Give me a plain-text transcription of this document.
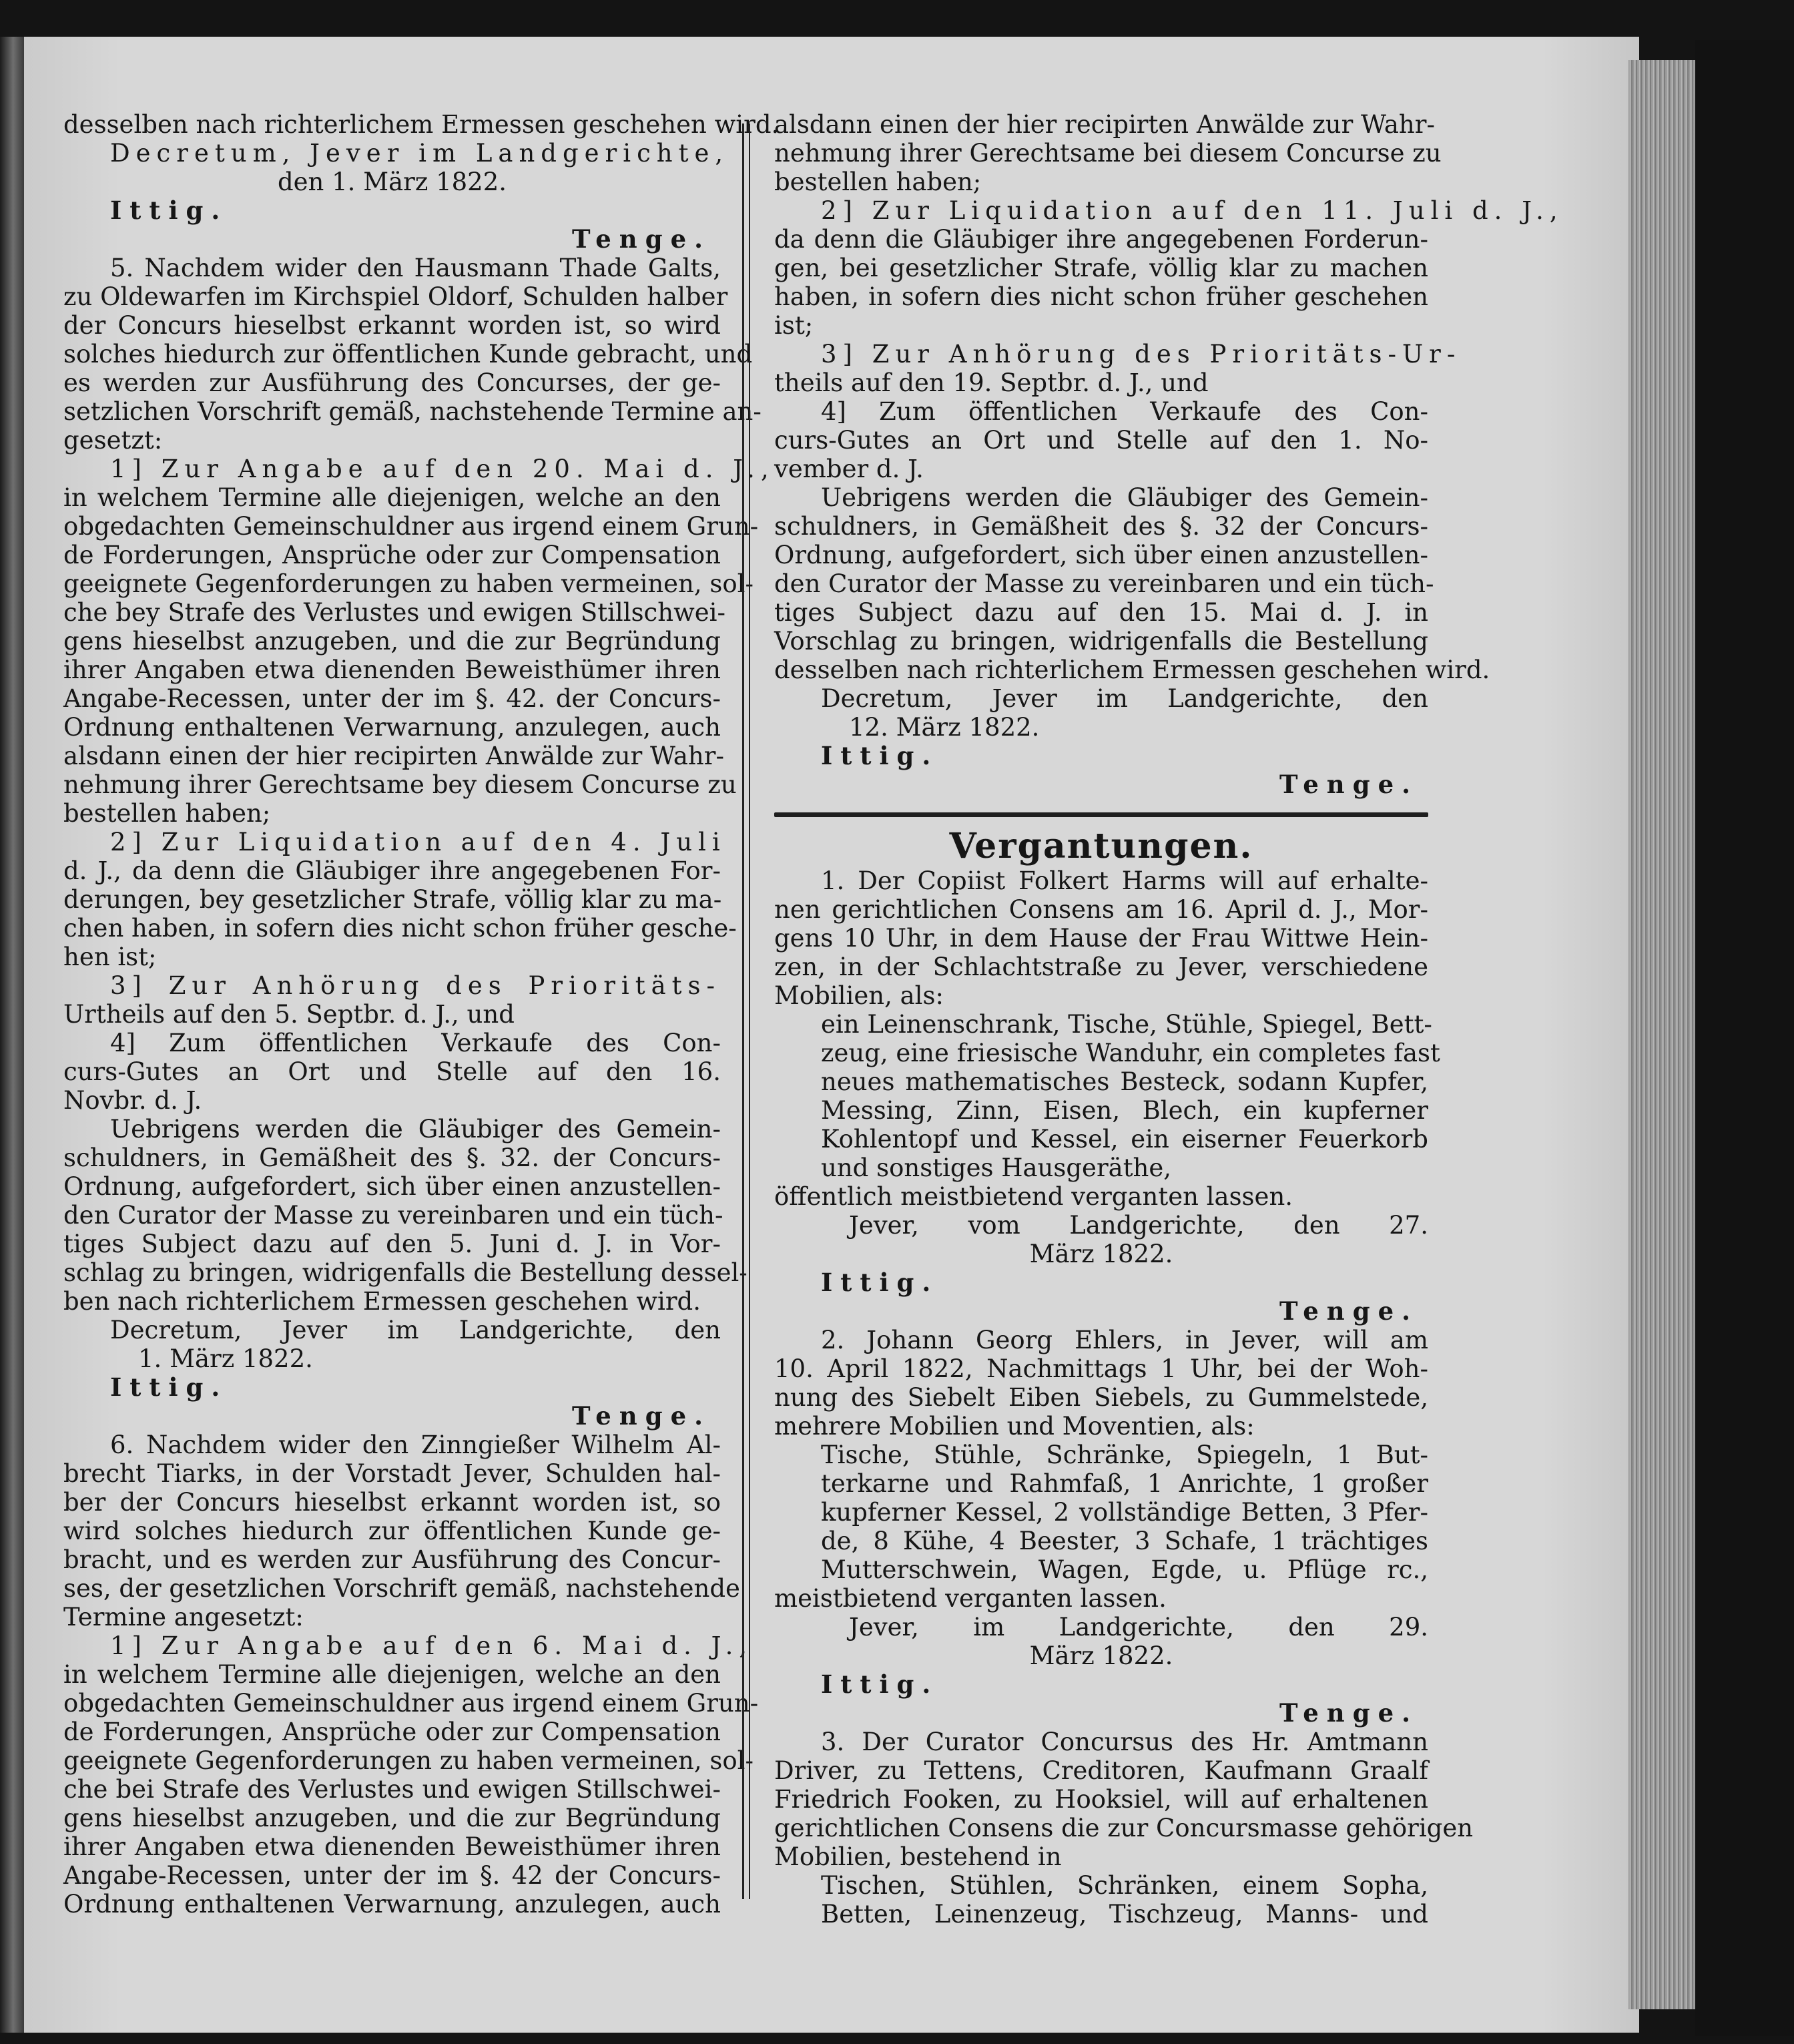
desselben nach richterlichem Ermessen geschehen wird.

Decretum, Jever im Landgerichte,

den 1. März 1822.

Ittig.

Tenge.

5. Nachdem wider den Hausmann Thade Galts,

zu Oldewarfen im Kirchspiel Oldorf, Schulden halber

der Concurs hieselbst erkannt worden ist, so wird

solches hiedurch zur öffentlichen Kunde gebracht, und

es werden zur Ausführung des Concurses, der ge-

setzlichen Vorschrift gemäß, nachstehende Termine an-

gesetzt:

1] Zur Angabe auf den 20. Mai d. J.,

in welchem Termine alle diejenigen, welche an den

obgedachten Gemeinschuldner aus irgend einem Grun-

de Forderungen, Ansprüche oder zur Compensation

geeignete Gegenforderungen zu haben vermeinen, sol-

che bey Strafe des Verlustes und ewigen Stillschwei-

gens hieselbst anzugeben, und die zur Begründung

ihrer Angaben etwa dienenden Beweisthümer ihren

Angabe-Recessen, unter der im §. 42. der Concurs-

Ordnung enthaltenen Verwarnung, anzulegen, auch

alsdann einen der hier recipirten Anwälde zur Wahr-

nehmung ihrer Gerechtsame bey diesem Concurse zu

bestellen haben;

2] Zur Liquidation auf den 4. Juli

d. J., da denn die Gläubiger ihre angegebenen For-

derungen, bey gesetzlicher Strafe, völlig klar zu ma-

chen haben, in sofern dies nicht schon früher gesche-

hen ist;

3] Zur Anhörung des Prioritäts-

Urtheils auf den 5. Septbr. d. J., und

4] Zum öffentlichen Verkaufe des Con-

curs-Gutes an Ort und Stelle auf den 16.

Novbr. d. J.

Uebrigens werden die Gläubiger des Gemein-

schuldners, in Gemäßheit des §. 32. der Concurs-

Ordnung, aufgefordert, sich über einen anzustellen-

den Curator der Masse zu vereinbaren und ein tüch-

tiges Subject dazu auf den 5. Juni d. J. in Vor-

schlag zu bringen, widrigenfalls die Bestellung dessel-

ben nach richterlichem Ermessen geschehen wird.

Decretum, Jever im Landgerichte, den

1. März 1822.

Ittig.

Tenge.

6. Nachdem wider den Zinngießer Wilhelm Al-

brecht Tiarks, in der Vorstadt Jever, Schulden hal-

ber der Concurs hieselbst erkannt worden ist, so

wird solches hiedurch zur öffentlichen Kunde ge-

bracht, und es werden zur Ausführung des Concur-

ses, der gesetzlichen Vorschrift gemäß, nachstehende

Termine angesetzt:

1] Zur Angabe auf den 6. Mai d. J.,

in welchem Termine alle diejenigen, welche an den

obgedachten Gemeinschuldner aus irgend einem Grun-

de Forderungen, Ansprüche oder zur Compensation

geeignete Gegenforderungen zu haben vermeinen, sol-

che bei Strafe des Verlustes und ewigen Stillschwei-

gens hieselbst anzugeben, und die zur Begründung

ihrer Angaben etwa dienenden Beweisthümer ihren

Angabe-Recessen, unter der im §. 42 der Concurs-

Ordnung enthaltenen Verwarnung, anzulegen, auch

alsdann einen der hier recipirten Anwälde zur Wahr-

nehmung ihrer Gerechtsame bei diesem Concurse zu

bestellen haben;

2] Zur Liquidation auf den 11. Juli d. J.,

da denn die Gläubiger ihre angegebenen Forderun-

gen, bei gesetzlicher Strafe, völlig klar zu machen

haben, in sofern dies nicht schon früher geschehen

ist;

3] Zur Anhörung des Prioritäts-Ur-

theils auf den 19. Septbr. d. J., und

4] Zum öffentlichen Verkaufe des Con-

curs-Gutes an Ort und Stelle auf den 1. No-

vember d. J.

Uebrigens werden die Gläubiger des Gemein-

schuldners, in Gemäßheit des §. 32 der Concurs-

Ordnung, aufgefordert, sich über einen anzustellen-

den Curator der Masse zu vereinbaren und ein tüch-

tiges Subject dazu auf den 15. Mai d. J. in

Vorschlag zu bringen, widrigenfalls die Bestellung

desselben nach richterlichem Ermessen geschehen wird.

Decretum, Jever im Landgerichte, den

12. März 1822.

Ittig.

Tenge.

Vergantungen.

1. Der Copiist Folkert Harms will auf erhalte-

nen gerichtlichen Consens am 16. April d. J., Mor-

gens 10 Uhr, in dem Hause der Frau Wittwe Hein-

zen, in der Schlachtstraße zu Jever, verschiedene

Mobilien, als:

ein Leinenschrank, Tische, Stühle, Spiegel, Bett-

zeug, eine friesische Wanduhr, ein completes fast

neues mathematisches Besteck, sodann Kupfer,

Messing, Zinn, Eisen, Blech, ein kupferner

Kohlentopf und Kessel, ein eiserner Feuerkorb

und sonstiges Hausgeräthe,

öffentlich meistbietend verganten lassen.

Jever, vom Landgerichte, den 27.

März 1822.

Ittig.

Tenge.

2. Johann Georg Ehlers, in Jever, will am

10. April 1822, Nachmittags 1 Uhr, bei der Woh-

nung des Siebelt Eiben Siebels, zu Gummelstede,

mehrere Mobilien und Moventien, als:

Tische, Stühle, Schränke, Spiegeln, 1 But-

terkarne und Rahmfaß, 1 Anrichte, 1 großer

kupferner Kessel, 2 vollständige Betten, 3 Pfer-

de, 8 Kühe, 4 Beester, 3 Schafe, 1 trächtiges

Mutterschwein, Wagen, Egde, u. Pflüge rc.,

meistbietend verganten lassen.

Jever, im Landgerichte, den 29.

März 1822.

Ittig.

Tenge.

3. Der Curator Concursus des Hr. Amtmann

Driver, zu Tettens, Creditoren, Kaufmann Graalf

Friedrich Fooken, zu Hooksiel, will auf erhaltenen

gerichtlichen Consens die zur Concursmasse gehörigen

Mobilien, bestehend in

Tischen, Stühlen, Schränken, einem Sopha,

Betten, Leinenzeug, Tischzeug, Manns- und
